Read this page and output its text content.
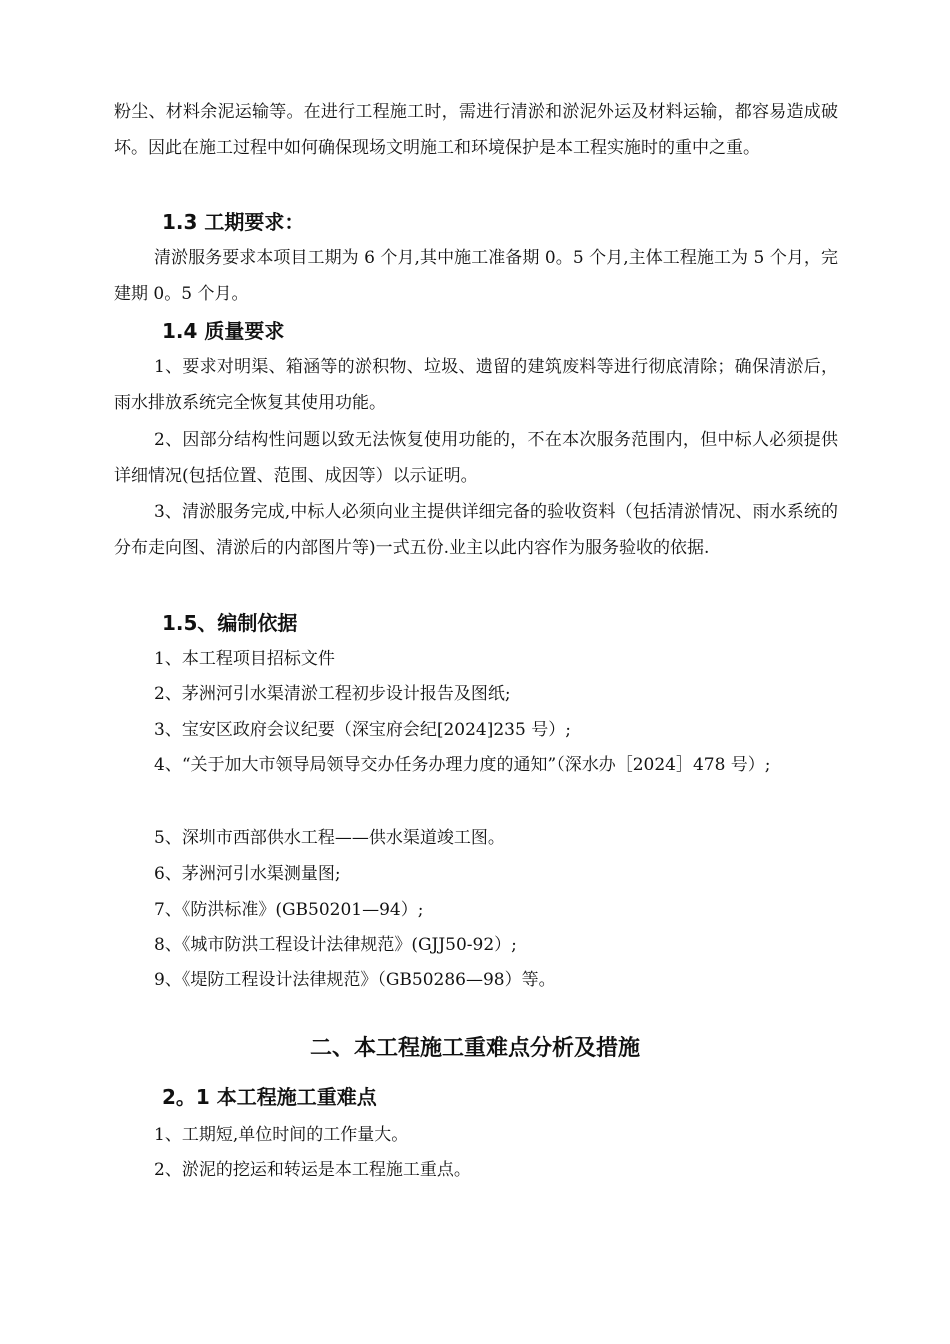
粉尘、材料余泥运输等。在进行工程施工时，需进行清淤和淤泥外运及材料运输，都容易造成破坏。因此在施工过程中如何确保现场文明施工和环境保护是本工程实施时的重中之重。
1.3 工期要求：
清淤服务要求本项目工期为 6 个月,其中施工准备期 0。5 个月,主体工程施工为 5 个月，完建期 0。5 个月。
1.4 质量要求
1、要求对明渠、箱涵等的淤积物、垃圾、遗留的建筑废料等进行彻底清除；确保清淤后，雨水排放系统完全恢复其使用功能。
2、因部分结构性问题以致无法恢复使用功能的，不在本次服务范围内，但中标人必须提供详细情况(包括位置、范围、成因等）以示证明。
3、清淤服务完成,中标人必须向业主提供详细完备的验收资料（包括清淤情况、雨水系统的分布走向图、清淤后的内部图片等)一式五份.业主以此内容作为服务验收的依据.
1.5、编制依据
1、本工程项目招标文件
2、茅洲河引水渠清淤工程初步设计报告及图纸;
3、宝安区政府会议纪要（深宝府会纪[2024]235 号）;
4、“关于加大市领导局领导交办任务办理力度的通知”（深水办［2024］478 号）;
5、深圳市西部供水工程——供水渠道竣工图。
6、茅洲河引水渠测量图;
7、《防洪标准》(GB50201—94）;
8、《城市防洪工程设计法律规范》(GJJ50-92）;
9、《堤防工程设计法律规范》（GB50286—98）等。
二、本工程施工重难点分析及措施
2。1 本工程施工重难点
1、工期短,单位时间的工作量大。
2、淤泥的挖运和转运是本工程施工重点。
